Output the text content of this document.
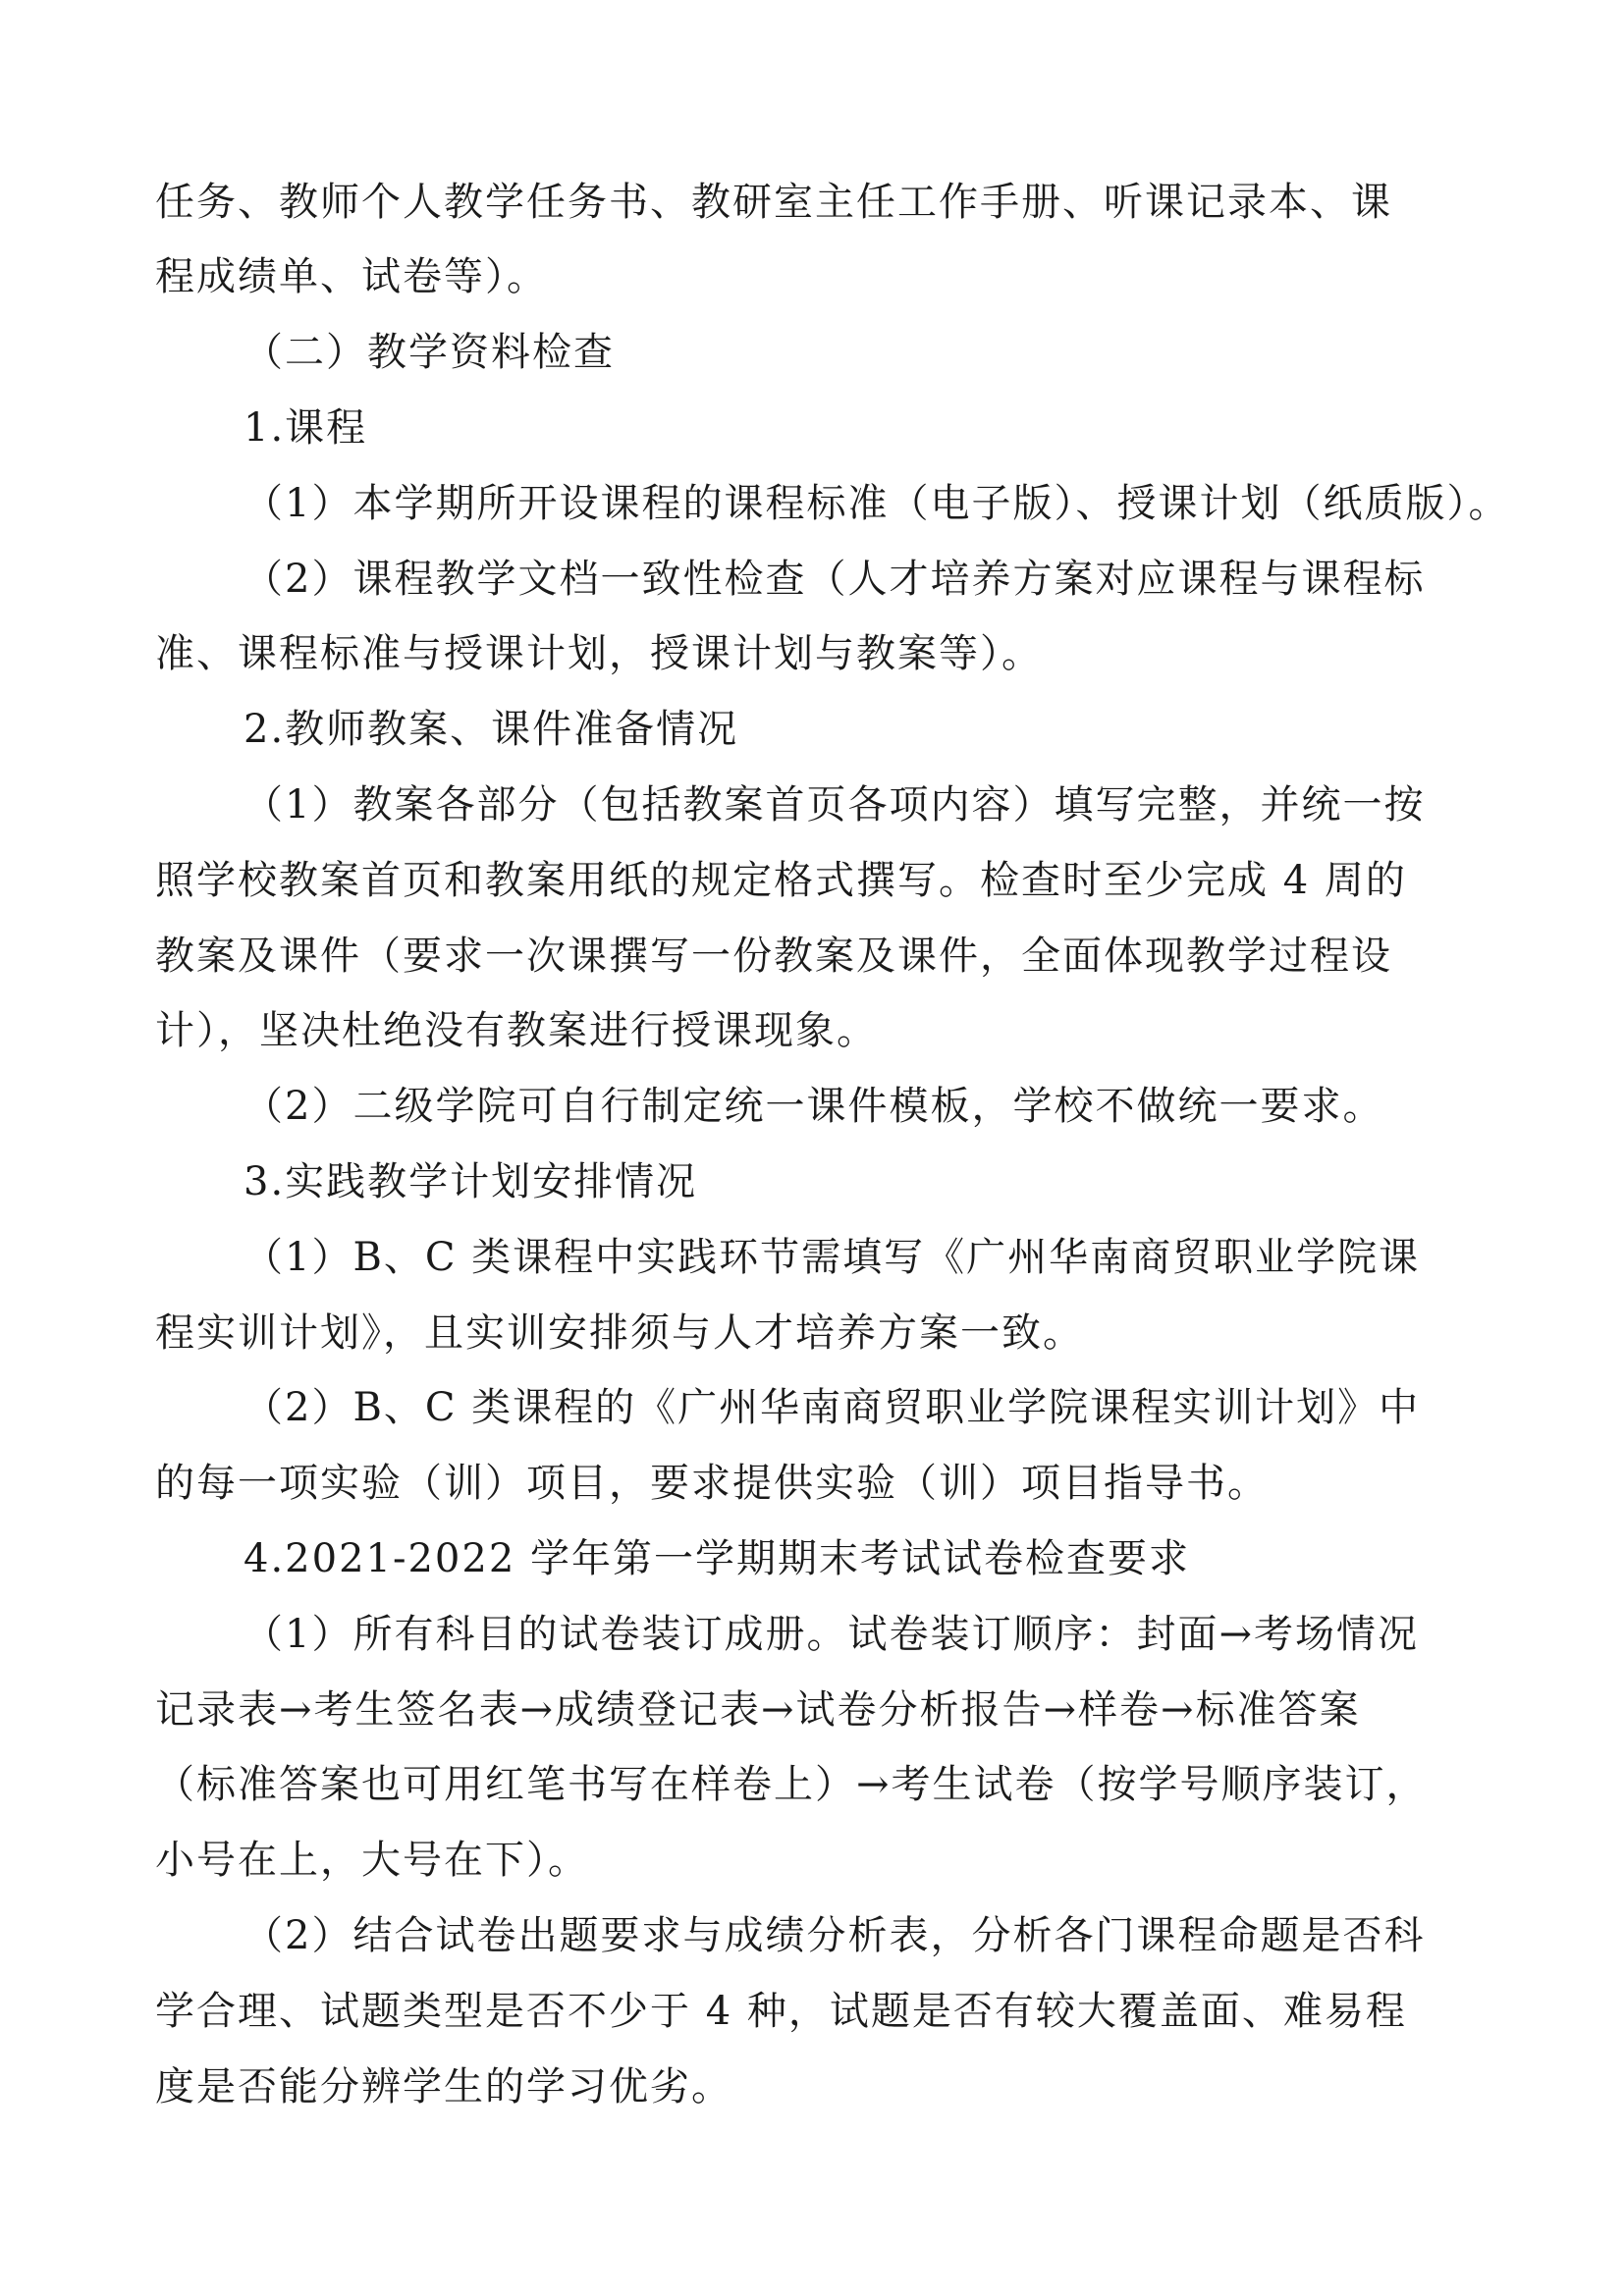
任务、教师个人教学任务书、教研室主任工作手册、听课记录本、课
程成绩单、试卷等）。
（二）教学资料检查
1.课程
（1）本学期所开设课程的课程标准（电子版）、授课计划（纸质版）。
（2）课程教学文档一致性检查（人才培养方案对应课程与课程标
准、课程标准与授课计划，授课计划与教案等）。
2.教师教案、课件准备情况
（1）教案各部分（包括教案首页各项内容）填写完整，并统一按
照学校教案首页和教案用纸的规定格式撰写。检查时至少完成 4 周的
教案及课件（要求一次课撰写一份教案及课件，全面体现教学过程设
计），坚决杜绝没有教案进行授课现象。
（2）二级学院可自行制定统一课件模板，学校不做统一要求。
3.实践教学计划安排情况
（1）B、C 类课程中实践环节需填写《广州华南商贸职业学院课
程实训计划》，且实训安排须与人才培养方案一致。
（2）B、C 类课程的《广州华南商贸职业学院课程实训计划》中
的每一项实验（训）项目，要求提供实验（训）项目指导书。
4.2021-2022 学年第一学期期末考试试卷检查要求
（1）所有科目的试卷装订成册。试卷装订顺序：封面→考场情况
记录表→考生签名表→成绩登记表→试卷分析报告→样卷→标准答案
（标准答案也可用红笔书写在样卷上）→考生试卷（按学号顺序装订，
小号在上，大号在下）。
（2）结合试卷出题要求与成绩分析表，分析各门课程命题是否科
学合理、试题类型是否不少于 4 种，试题是否有较大覆盖面、难易程
度是否能分辨学生的学习优劣。
